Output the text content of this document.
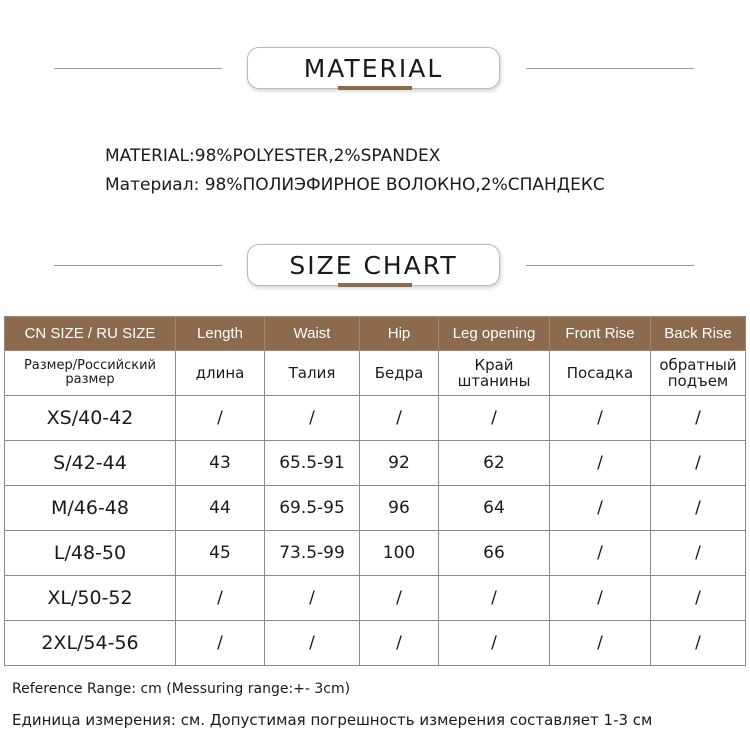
MATERIAL
MATERIAL:98%POLYESTER,2%SPANDEX
Материал: 98%ПОЛИЭФИРНОЕ ВОЛОКНО,2%СПАНДЕКС
SIZE CHART
CN SIZE / RU SIZE	Length	Waist	Hip	Leg opening	Front Rise	Back Rise
Размер/Российский размер	длина	Талия	Бедра	Край штанины	Посадка	обратный подъем
XS/40-42	/	/	/	/	/	/
S/42-44	43	65.5-91	92	62	/	/
M/46-48	44	69.5-95	96	64	/	/
L/48-50	45	73.5-99	100	66	/	/
XL/50-52	/	/	/	/	/	/
2XL/54-56	/	/	/	/	/	/
Reference Range: cm (Messuring range:+- 3cm)
Единица измерения: см. Допустимая погрешность измерения составляет 1-3 см
